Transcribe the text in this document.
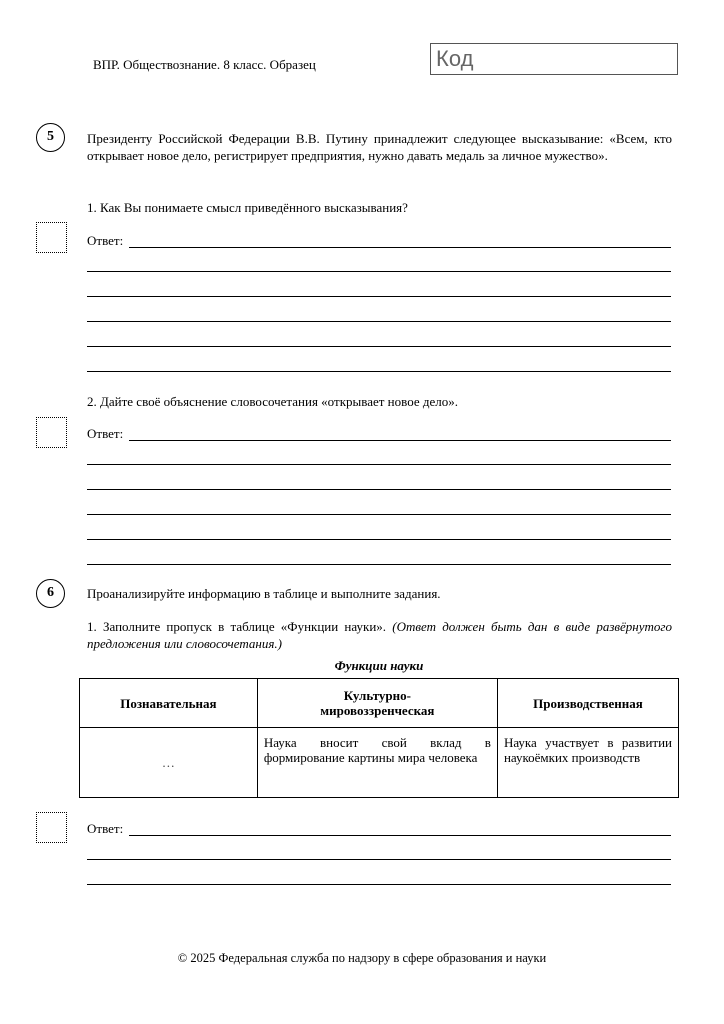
ВПР. Обществознание. 8 класс. Образец	Код
5	Президенту Российской Федерации В.В. Путину принадлежит следующее высказывание: «Всем, кто открывает новое дело, регистрирует предприятия, нужно давать медаль за личное мужество».
1. Как Вы понимаете смысл приведённого высказывания?
Ответ:
2. Дайте своё объяснение словосочетания «открывает новое дело».
Ответ:
6	Проанализируйте информацию в таблице и выполните задания.
1. Заполните пропуск в таблице «Функции науки». (Ответ должен быть дан в виде развёрнутого предложения или словосочетания.)
Функции науки
Познавательная	Культурно-мировоззренческая	Производственная
…	Наука вносит свой вклад в формирование картины мира человека	Наука участвует в развитии наукоёмких производств
Ответ:
© 2025 Федеральная служба по надзору в сфере образования и науки
